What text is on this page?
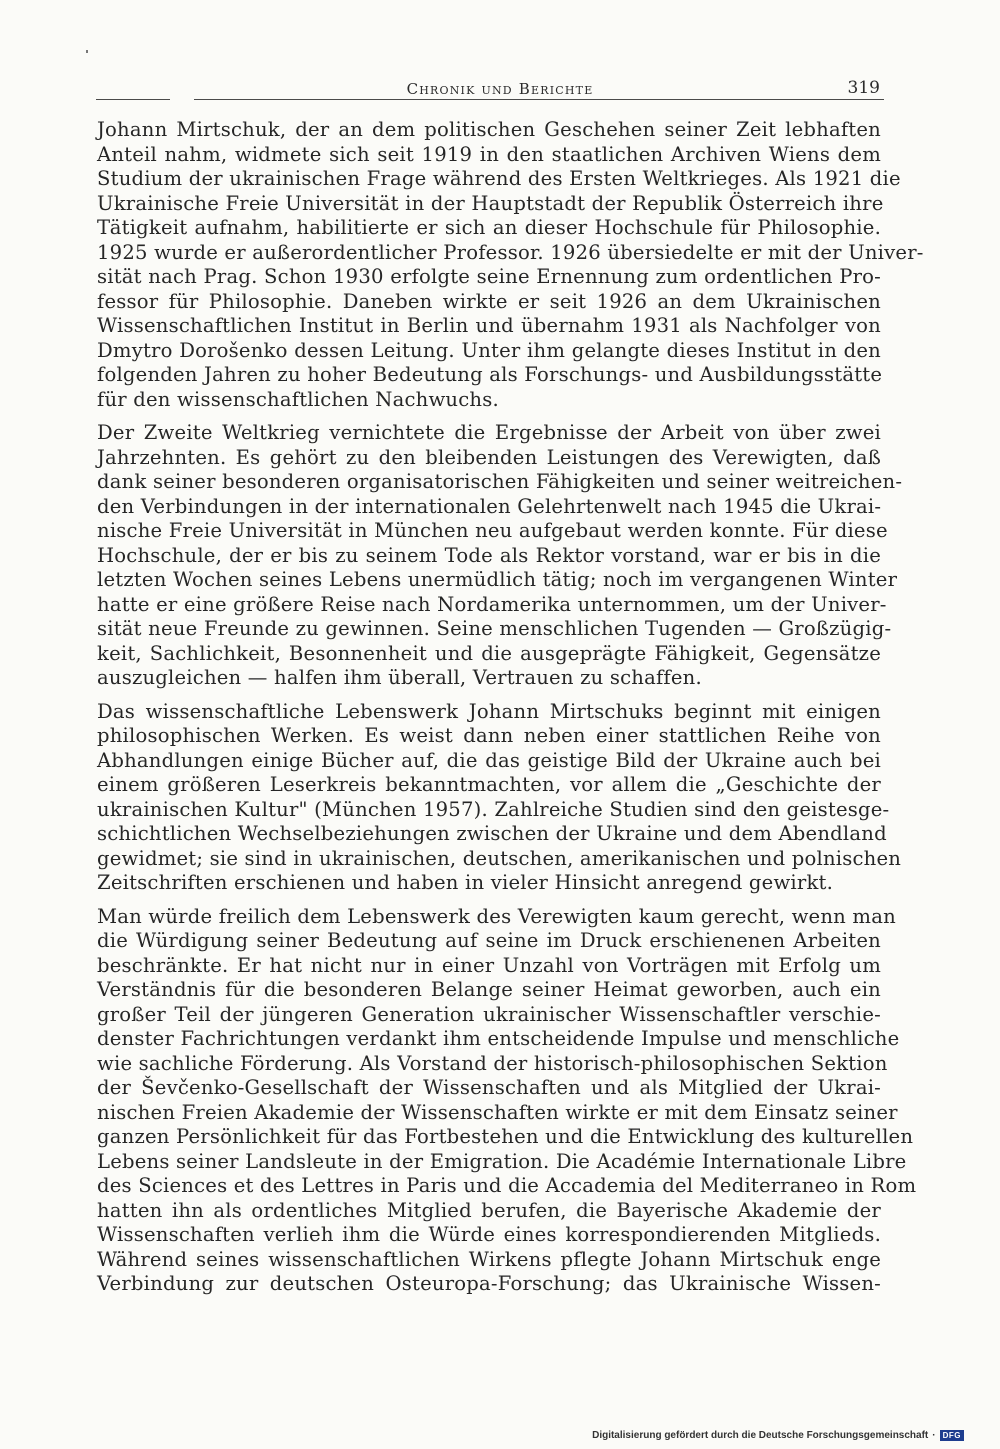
Chronik und Berichte	319

Johann Mirtschuk, der an dem politischen Geschehen seiner Zeit lebhaften
Anteil nahm, widmete sich seit 1919 in den staatlichen Archiven Wiens dem
Studium der ukrainischen Frage während des Ersten Weltkrieges. Als 1921 die
Ukrainische Freie Universität in der Hauptstadt der Republik Österreich ihre
Tätigkeit aufnahm, habilitierte er sich an dieser Hochschule für Philosophie.
1925 wurde er außerordentlicher Professor. 1926 übersiedelte er mit der Univer-
sität nach Prag. Schon 1930 erfolgte seine Ernennung zum ordentlichen Pro-
fessor für Philosophie. Daneben wirkte er seit 1926 an dem Ukrainischen
Wissenschaftlichen Institut in Berlin und übernahm 1931 als Nachfolger von
Dmytro Dorošenko dessen Leitung. Unter ihm gelangte dieses Institut in den
folgenden Jahren zu hoher Bedeutung als Forschungs- und Ausbildungsstätte
für den wissenschaftlichen Nachwuchs.

Der Zweite Weltkrieg vernichtete die Ergebnisse der Arbeit von über zwei
Jahrzehnten. Es gehört zu den bleibenden Leistungen des Verewigten, daß
dank seiner besonderen organisatorischen Fähigkeiten und seiner weitreichen-
den Verbindungen in der internationalen Gelehrtenwelt nach 1945 die Ukrai-
nische Freie Universität in München neu aufgebaut werden konnte. Für diese
Hochschule, der er bis zu seinem Tode als Rektor vorstand, war er bis in die
letzten Wochen seines Lebens unermüdlich tätig; noch im vergangenen Winter
hatte er eine größere Reise nach Nordamerika unternommen, um der Univer-
sität neue Freunde zu gewinnen. Seine menschlichen Tugenden — Großzügig-
keit, Sachlichkeit, Besonnenheit und die ausgeprägte Fähigkeit, Gegensätze
auszugleichen — halfen ihm überall, Vertrauen zu schaffen.

Das wissenschaftliche Lebenswerk Johann Mirtschuks beginnt mit einigen
philosophischen Werken. Es weist dann neben einer stattlichen Reihe von
Abhandlungen einige Bücher auf, die das geistige Bild der Ukraine auch bei
einem größeren Leserkreis bekanntmachten, vor allem die „Geschichte der
ukrainischen Kultur" (München 1957). Zahlreiche Studien sind den geistesge-
schichtlichen Wechselbeziehungen zwischen der Ukraine und dem Abendland
gewidmet; sie sind in ukrainischen, deutschen, amerikanischen und polnischen
Zeitschriften erschienen und haben in vieler Hinsicht anregend gewirkt.

Man würde freilich dem Lebenswerk des Verewigten kaum gerecht, wenn man
die Würdigung seiner Bedeutung auf seine im Druck erschienenen Arbeiten
beschränkte. Er hat nicht nur in einer Unzahl von Vorträgen mit Erfolg um
Verständnis für die besonderen Belange seiner Heimat geworben, auch ein
großer Teil der jüngeren Generation ukrainischer Wissenschaftler verschie-
denster Fachrichtungen verdankt ihm entscheidende Impulse und menschliche
wie sachliche Förderung. Als Vorstand der historisch-philosophischen Sektion
der Ševčenko-Gesellschaft der Wissenschaften und als Mitglied der Ukrai-
nischen Freien Akademie der Wissenschaften wirkte er mit dem Einsatz seiner
ganzen Persönlichkeit für das Fortbestehen und die Entwicklung des kulturellen
Lebens seiner Landsleute in der Emigration. Die Académie Internationale Libre
des Sciences et des Lettres in Paris und die Accademia del Mediterraneo in Rom
hatten ihn als ordentliches Mitglied berufen, die Bayerische Akademie der
Wissenschaften verlieh ihm die Würde eines korrespondierenden Mitglieds.
Während seines wissenschaftlichen Wirkens pflegte Johann Mirtschuk enge
Verbindung zur deutschen Osteuropa-Forschung; das Ukrainische Wissen-

Digitalisierung gefördert durch die Deutsche Forschungsgemeinschaft · DFG
